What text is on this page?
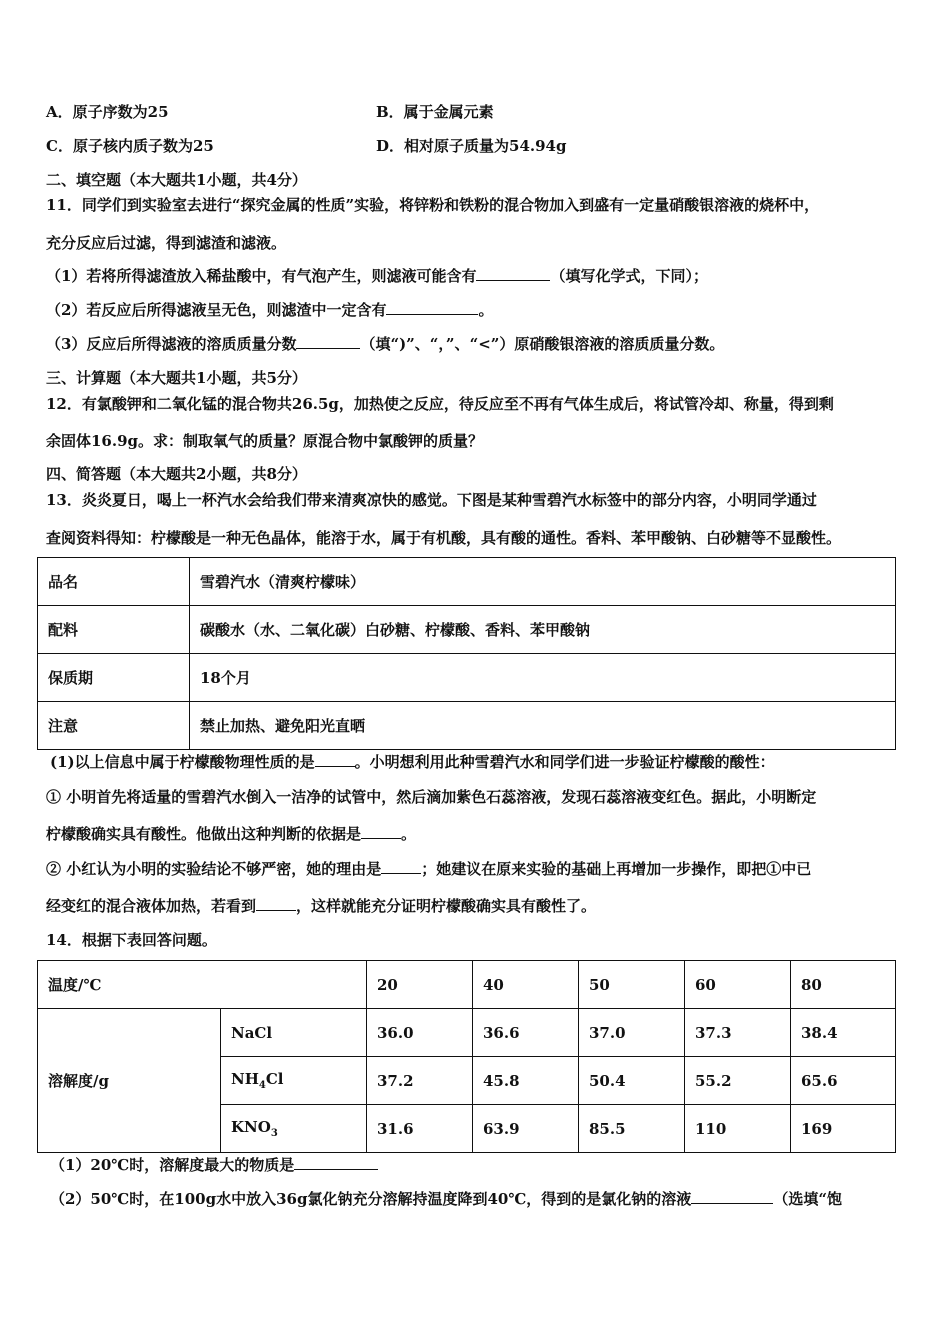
A．原子序数为25	B．属于金属元素
C．原子核内质子数为25	D．相对原子质量为54.94g
二、填空题（本大题共1小题，共4分）
11．同学们到实验室去进行“探究金属的性质”实验，将锌粉和铁粉的混合物加入到盛有一定量硝酸银溶液的烧杯中，
充分反应后过滤，得到滤渣和滤液。
（1）若将所得滤渣放入稀盐酸中，有气泡产生，则滤液可能含有	（填写化学式，下同）；
（2）若反应后所得滤液呈无色，则滤渣中一定含有	。
（3）反应后所得滤液的溶质质量分数	（填“)”、“，”、“<”）原硝酸银溶液的溶质质量分数。
三、计算题（本大题共1小题，共5分）
12．有氯酸钾和二氧化锰的混合物共26.5g，加热使之反应，待反应至不再有气体生成后，将试管冷却、称量，得到剩
余固体16.9g。求：制取氧气的质量？原混合物中氯酸钾的质量？
四、简答题（本大题共2小题，共8分）
13．炎炎夏日，喝上一杯汽水会给我们带来清爽凉快的感觉。下图是某种雪碧汽水标签中的部分内容，小明同学通过
查阅资料得知：柠檬酸是一种无色晶体，能溶于水，属于有机酸，具有酸的通性。香料、苯甲酸钠、白砂糖等不显酸性。
品名	雪碧汽水（清爽柠檬味）
配料	碳酸水（水、二氧化碳）白砂糖、柠檬酸、香料、苯甲酸钠
保质期	18个月
注意	禁止加热、避免阳光直晒
(1)以上信息中属于柠檬酸物理性质的是	。小明想利用此种雪碧汽水和同学们进一步验证柠檬酸的酸性：
① 小明首先将适量的雪碧汽水倒入一洁净的试管中，然后滴加紫色石蕊溶液，发现石蕊溶液变红色。据此，小明断定
柠檬酸确实具有酸性。他做出这种判断的依据是	。
② 小红认为小明的实验结论不够严密，她的理由是	；她建议在原来实验的基础上再增加一步操作，即把①中已
经变红的混合液体加热，若看到	，这样就能充分证明柠檬酸确实具有酸性了。
14．根据下表回答问题。
温度/℃		20	40	50	60	80
溶解度/g	NaCl	36.0	36.6	37.0	37.3	38.4
	$NH_4Cl$	37.2	45.8	50.4	55.2	65.6
	$KNO_3$	31.6	63.9	85.5	110	169
（1）20℃时，溶解度最大的物质是
（2）50℃时，在100g水中放入36g氯化钠充分溶解持温度降到40℃，得到的是氯化钠的溶液	（选填“饱
